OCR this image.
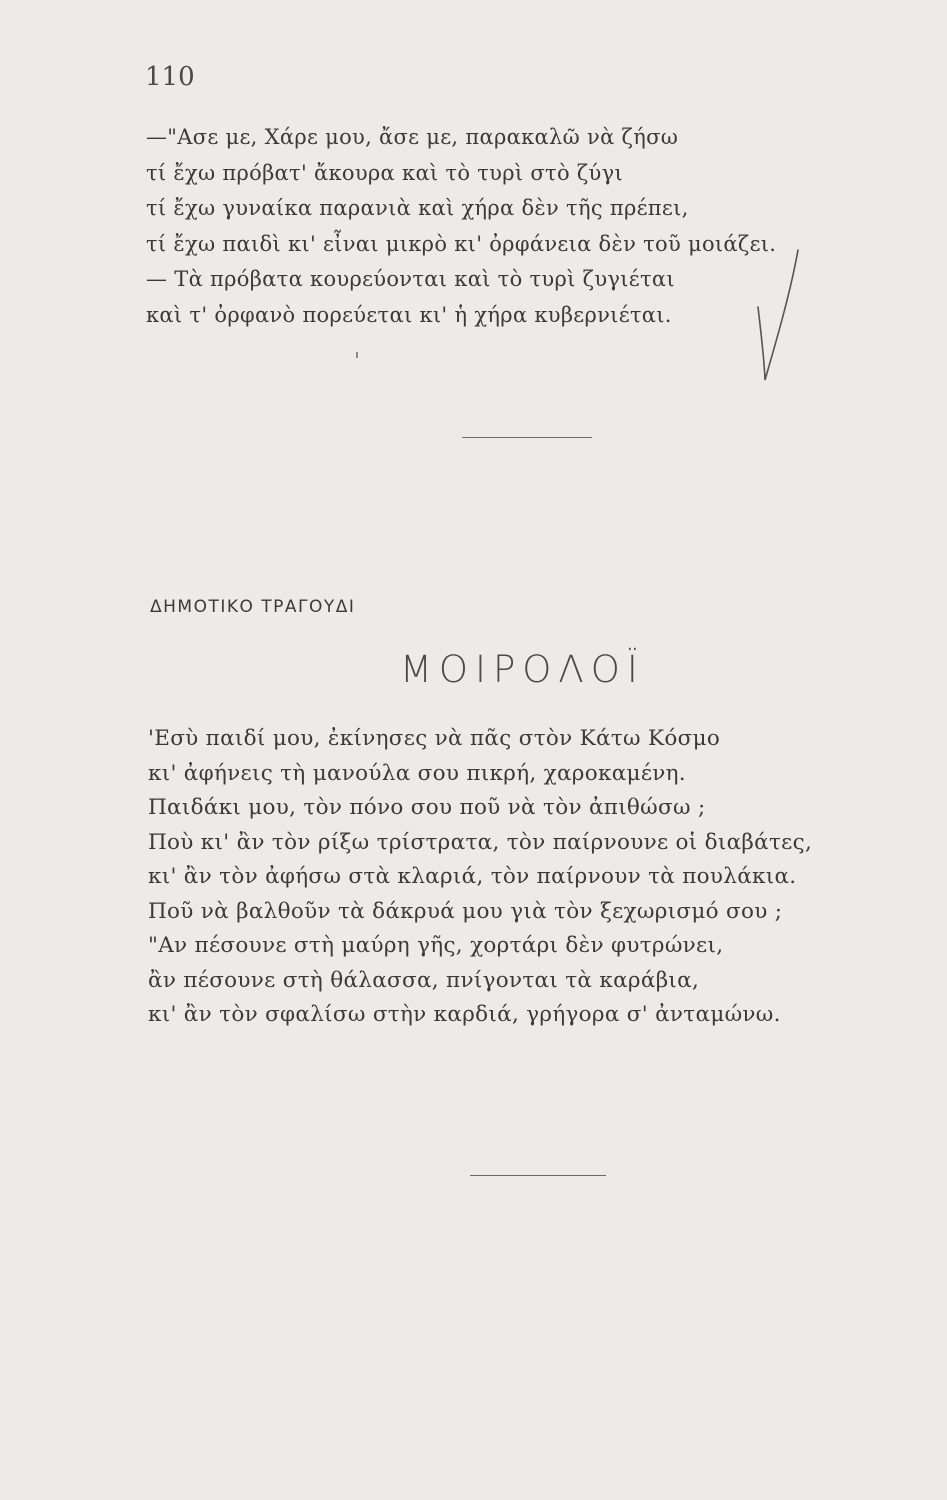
110
—"Ασε με, Χάρε μου, ἄσε με, παρακαλῶ νὰ ζήσω
τί ἔχω πρόβατ' ἄκουρα καὶ τὸ τυρὶ στὸ ζύγι
τί ἔχω γυναίκα παρανιὰ καὶ χήρα δὲν τῆς πρέπει,
τί ἔχω παιδὶ κι' εἶναι μικρὸ κι' ὀρφάνεια δὲν τοῦ μοιάζει.
— Τὰ πρόβατα κουρεύονται καὶ τὸ τυρὶ ζυγιέται
καὶ τ' ὀρφανὸ πορεύεται κι' ἡ χήρα κυβερνιέται.
ΔΗΜΟΤΙΚΟ ΤΡΑΓΟΥΔΙ
ΜΟΙΡΟΛΟΪ
'Εσὺ παιδί μου, ἐκίνησες νὰ πᾶς στὸν Κάτω Κόσμο
κι' ἀφήνεις τὴ μανούλα σου πικρή, χαροκαμένη.
Παιδάκι μου, τὸν πόνο σου ποῦ νὰ τὸν ἀπιθώσω ;
Ποὺ κι' ἂν τὸν ρίξω τρίστρατα, τὸν παίρνουνε οἱ διαβάτες,
κι' ἂν τὸν ἀφήσω στὰ κλαριά, τὸν παίρνουν τὰ πουλάκια.
Ποῦ νὰ βαλθοῦν τὰ δάκρυά μου γιὰ τὸν ξεχωρισμό σου ;
"Αν πέσουνε στὴ μαύρη γῆς, χορτάρι δὲν φυτρώνει,
ἂν πέσουνε στὴ θάλασσα, πνίγονται τὰ καράβια,
κι' ἂν τὸν σφαλίσω στὴν καρδιά, γρήγορα σ' ἀνταμώνω.
